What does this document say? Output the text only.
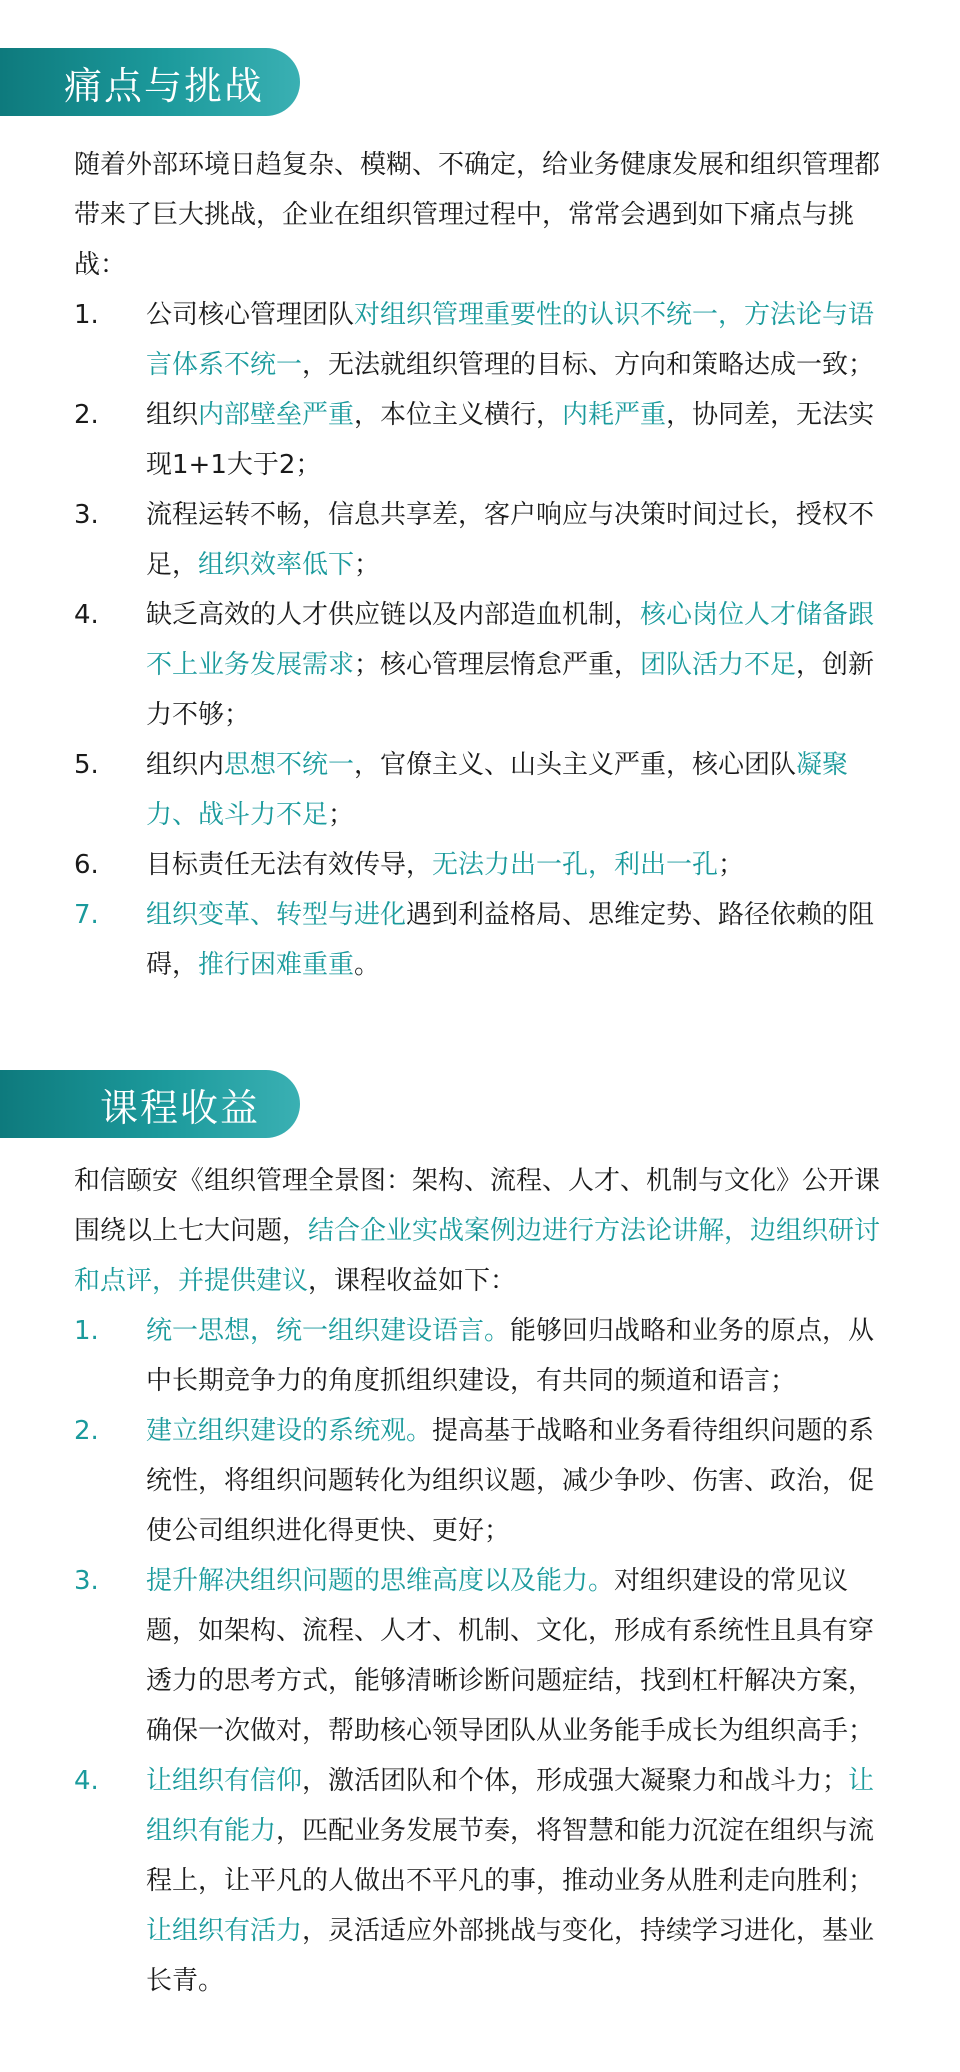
痛点与挑战

随着外部环境日趋复杂、模糊、不确定，给业务健康发展和组织管理都带来了巨大挑战，企业在组织管理过程中，常常会遇到如下痛点与挑战：

1.	公司核心管理团队对组织管理重要性的认识不统一，方法论与语言体系不统一，无法就组织管理的目标、方向和策略达成一致；
2.	组织内部壁垒严重，本位主义横行，内耗严重，协同差，无法实现1+1大于2；
3.	流程运转不畅，信息共享差，客户响应与决策时间过长，授权不足，组织效率低下；
4.	缺乏高效的人才供应链以及内部造血机制，核心岗位人才储备跟不上业务发展需求；核心管理层惰怠严重，团队活力不足，创新力不够；
5.	组织内思想不统一，官僚主义、山头主义严重，核心团队凝聚力、战斗力不足；
6.	目标责任无法有效传导，无法力出一孔，利出一孔；
7.	组织变革、转型与进化遇到利益格局、思维定势、路径依赖的阻碍，推行困难重重。
课程收益

和信颐安《组织管理全景图：架构、流程、人才、机制与文化》公开课围绕以上七大问题，结合企业实战案例边进行方法论讲解，边组织研讨和点评，并提供建议，课程收益如下：

1.	统一思想，统一组织建设语言。能够回归战略和业务的原点，从中长期竞争力的角度抓组织建设，有共同的频道和语言；
2.	建立组织建设的系统观。提高基于战略和业务看待组织问题的系统性，将组织问题转化为组织议题，减少争吵、伤害、政治，促使公司组织进化得更快、更好；
3.	提升解决组织问题的思维高度以及能力。对组织建设的常见议题，如架构、流程、人才、机制、文化，形成有系统性且具有穿透力的思考方式，能够清晰诊断问题症结，找到杠杆解决方案，确保一次做对，帮助核心领导团队从业务能手成长为组织高手；
4.	让组织有信仰，激活团队和个体，形成强大凝聚力和战斗力；让组织有能力，匹配业务发展节奏，将智慧和能力沉淀在组织与流程上，让平凡的人做出不平凡的事，推动业务从胜利走向胜利；让组织有活力，灵活适应外部挑战与变化，持续学习进化，基业长青。
